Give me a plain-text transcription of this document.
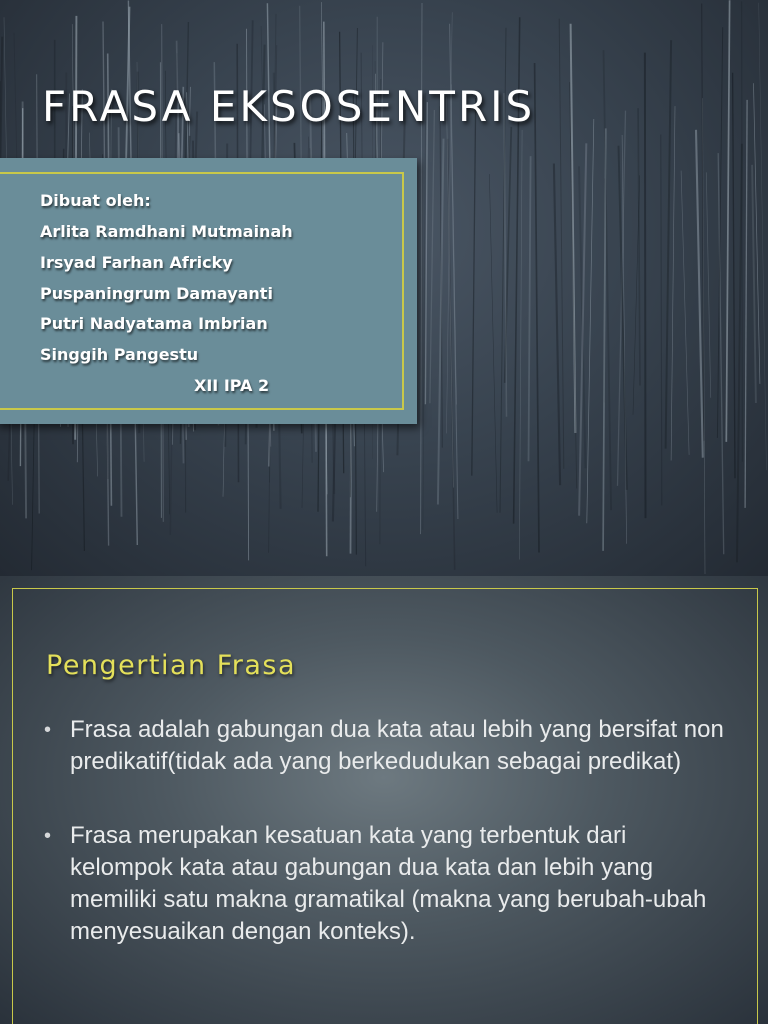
FRASA EKSOSENTRIS
Dibuat oleh:
Arlita Ramdhani Mutmainah
Irsyad Farhan Africky
Puspaningrum Damayanti
Putri Nadyatama Imbrian
Singgih Pangestu
XII IPA 2
Pengertian Frasa
• Frasa adalah gabungan dua kata atau lebih yang bersifat non predikatif(tidak ada yang berkedudukan sebagai predikat)
• Frasa merupakan kesatuan kata yang terbentuk dari kelompok kata atau gabungan dua kata dan lebih yang memiliki satu makna gramatikal (makna yang berubah-ubah menyesuaikan dengan konteks).
